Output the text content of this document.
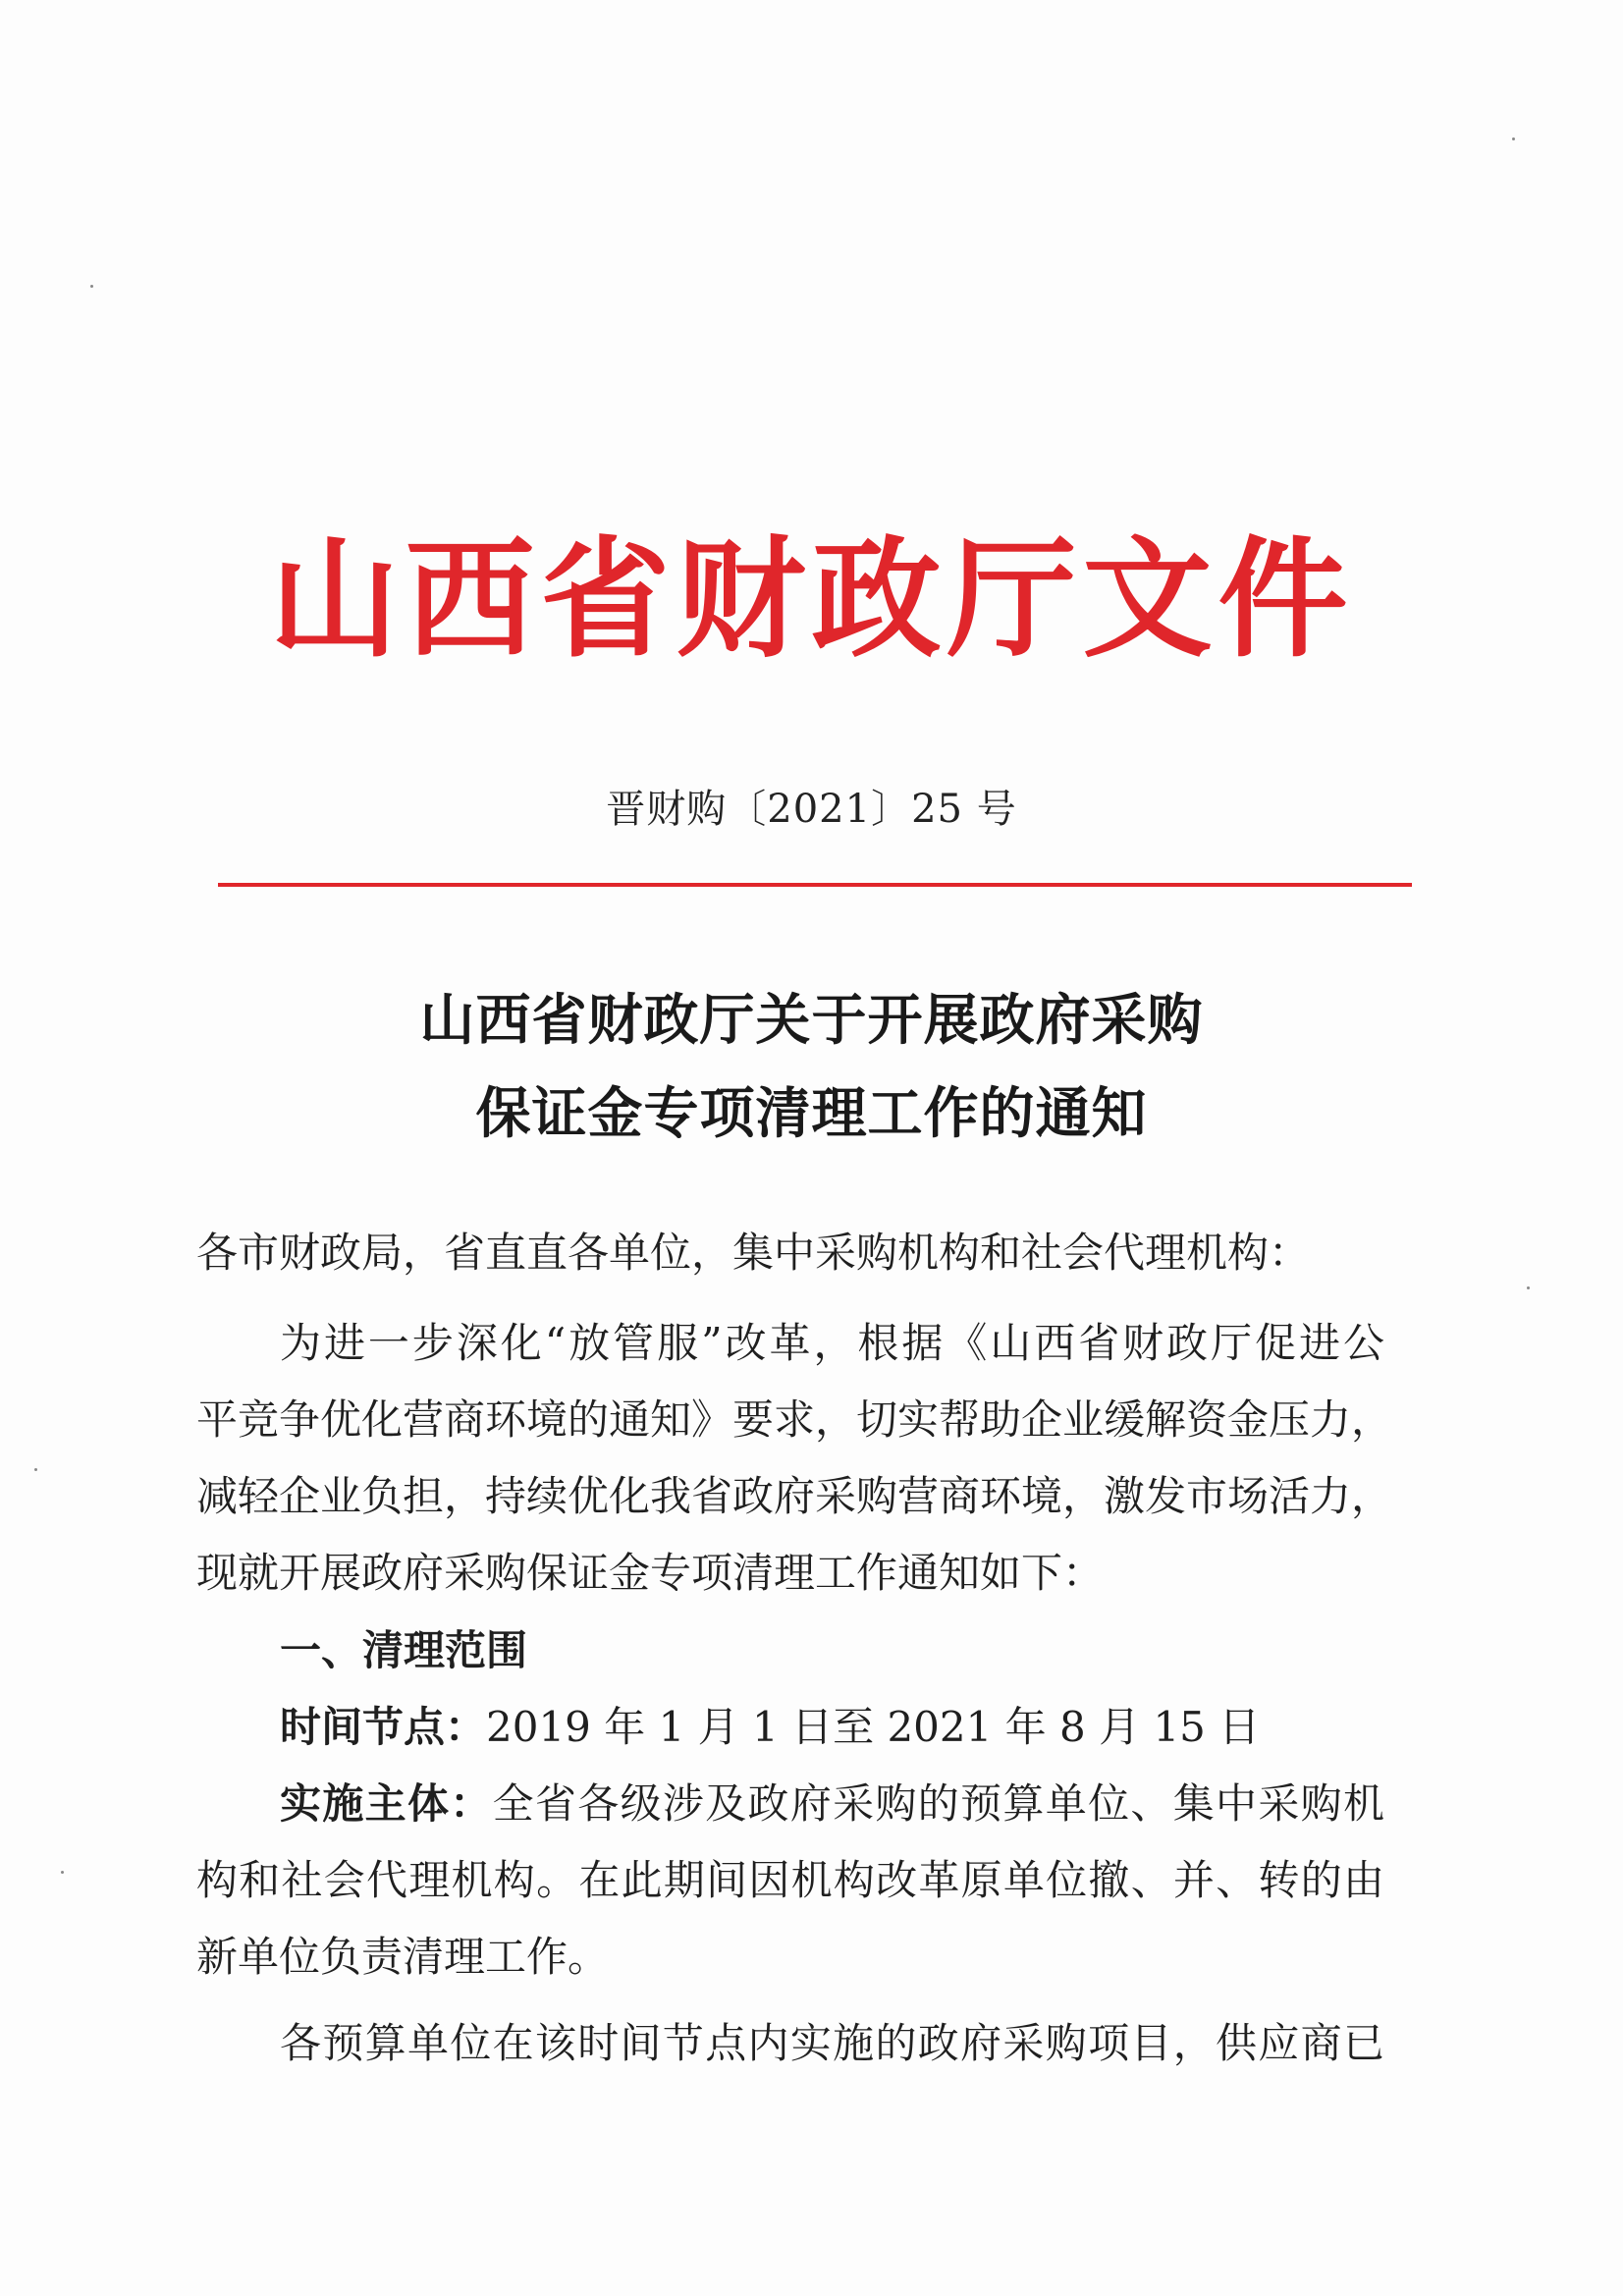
山西省财政厅文件
晋财购〔2021〕25 号
山西省财政厅关于开展政府采购
保证金专项清理工作的通知
各市财政局，省直直各单位，集中采购机构和社会代理机构：
为进一步深化“放管服”改革，根据《山西省财政厅促进公
平竞争优化营商环境的通知》要求，切实帮助企业缓解资金压力，
减轻企业负担，持续优化我省政府采购营商环境，激发市场活力，
现就开展政府采购保证金专项清理工作通知如下：
一、清理范围
时间节点：2019 年 1 月 1 日至 2021 年 8 月 15 日
实施主体：全省各级涉及政府采购的预算单位、集中采购机
构和社会代理机构。在此期间因机构改革原单位撤、并、转的由
新单位负责清理工作。
各预算单位在该时间节点内实施的政府采购项目，供应商已
